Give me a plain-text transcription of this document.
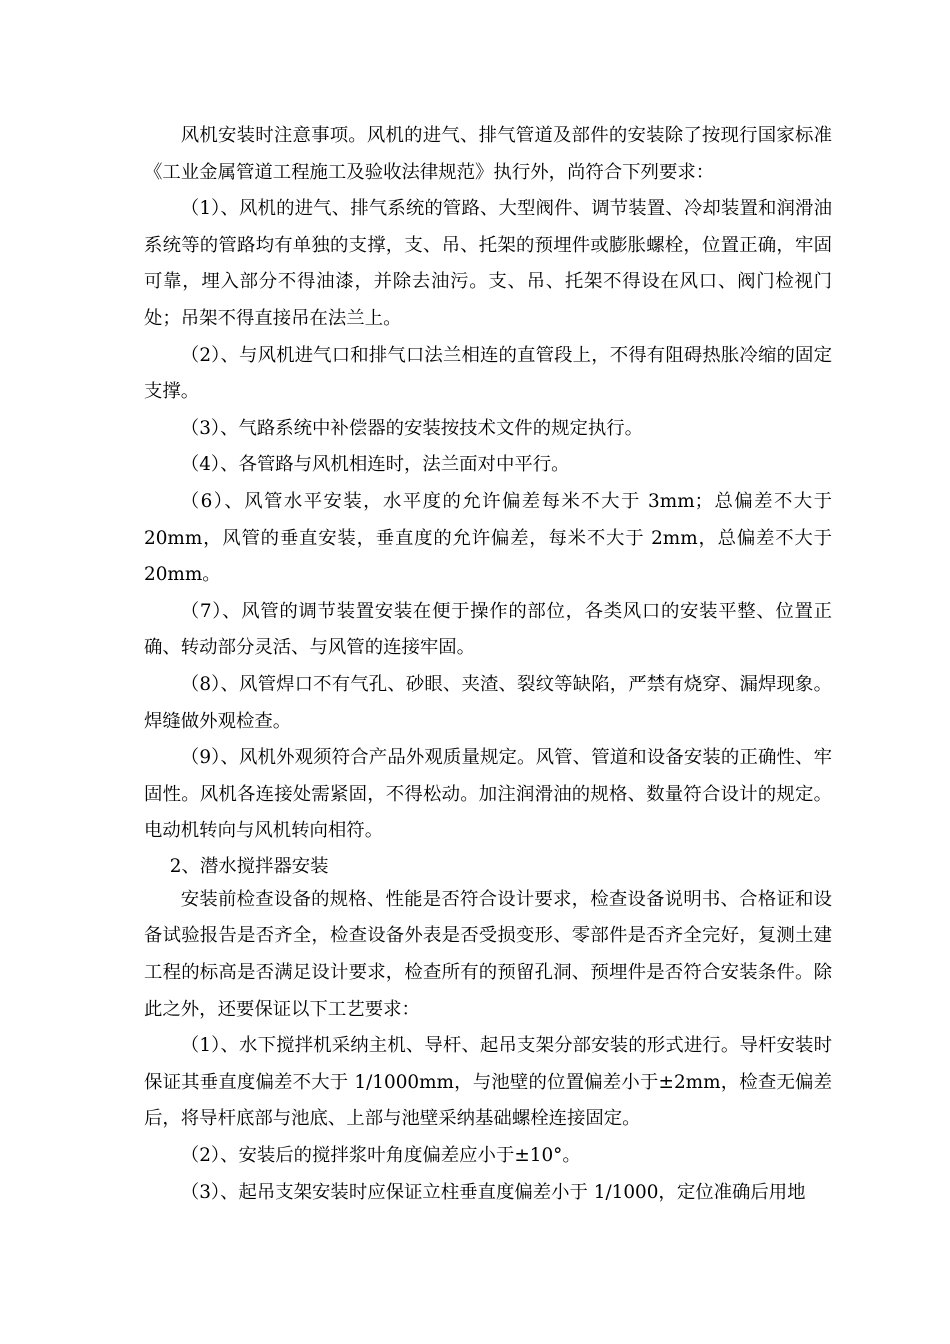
风机安装时注意事项。风机的进气、排气管道及部件的安装除了按现行国家标准《工业金属管道工程施工及验收法律规范》执行外，尚符合下列要求：

（1）、风机的进气、排气系统的管路、大型阀件、调节装置、冷却装置和润滑油系统等的管路均有单独的支撑，支、吊、托架的预埋件或膨胀螺栓，位置正确，牢固可靠，埋入部分不得油漆，并除去油污。支、吊、托架不得设在风口、阀门检视门处；吊架不得直接吊在法兰上。

（2）、与风机进气口和排气口法兰相连的直管段上，不得有阻碍热胀冷缩的固定支撑。

（3）、气路系统中补偿器的安装按技术文件的规定执行。

（4）、各管路与风机相连时，法兰面对中平行。

（6）、风管水平安装，水平度的允许偏差每米不大于 3mm；总偏差不大于20mm，风管的垂直安装，垂直度的允许偏差，每米不大于 2mm，总偏差不大于20mm。

（7）、风管的调节装置安装在便于操作的部位，各类风口的安装平整、位置正确、转动部分灵活、与风管的连接牢固。

（8）、风管焊口不有气孔、砂眼、夹渣、裂纹等缺陷，严禁有烧穿、漏焊现象。焊缝做外观检查。

（9）、风机外观须符合产品外观质量规定。风管、管道和设备安装的正确性、牢固性。风机各连接处需紧固，不得松动。加注润滑油的规格、数量符合设计的规定。电动机转向与风机转向相符。

2、潜水搅拌器安装

安装前检查设备的规格、性能是否符合设计要求，检查设备说明书、合格证和设备试验报告是否齐全，检查设备外表是否受损变形、零部件是否齐全完好，复测土建工程的标高是否满足设计要求，检查所有的预留孔洞、预埋件是否符合安装条件。除此之外，还要保证以下工艺要求：

（1）、水下搅拌机采纳主机、导杆、起吊支架分部安装的形式进行。导杆安装时保证其垂直度偏差不大于 1/1000mm，与池壁的位置偏差小于±2mm，检查无偏差后，将导杆底部与池底、上部与池壁采纳基础螺栓连接固定。

（2）、安装后的搅拌浆叶角度偏差应小于±10°。

（3）、起吊支架安装时应保证立柱垂直度偏差小于 1/1000，定位准确后用地
